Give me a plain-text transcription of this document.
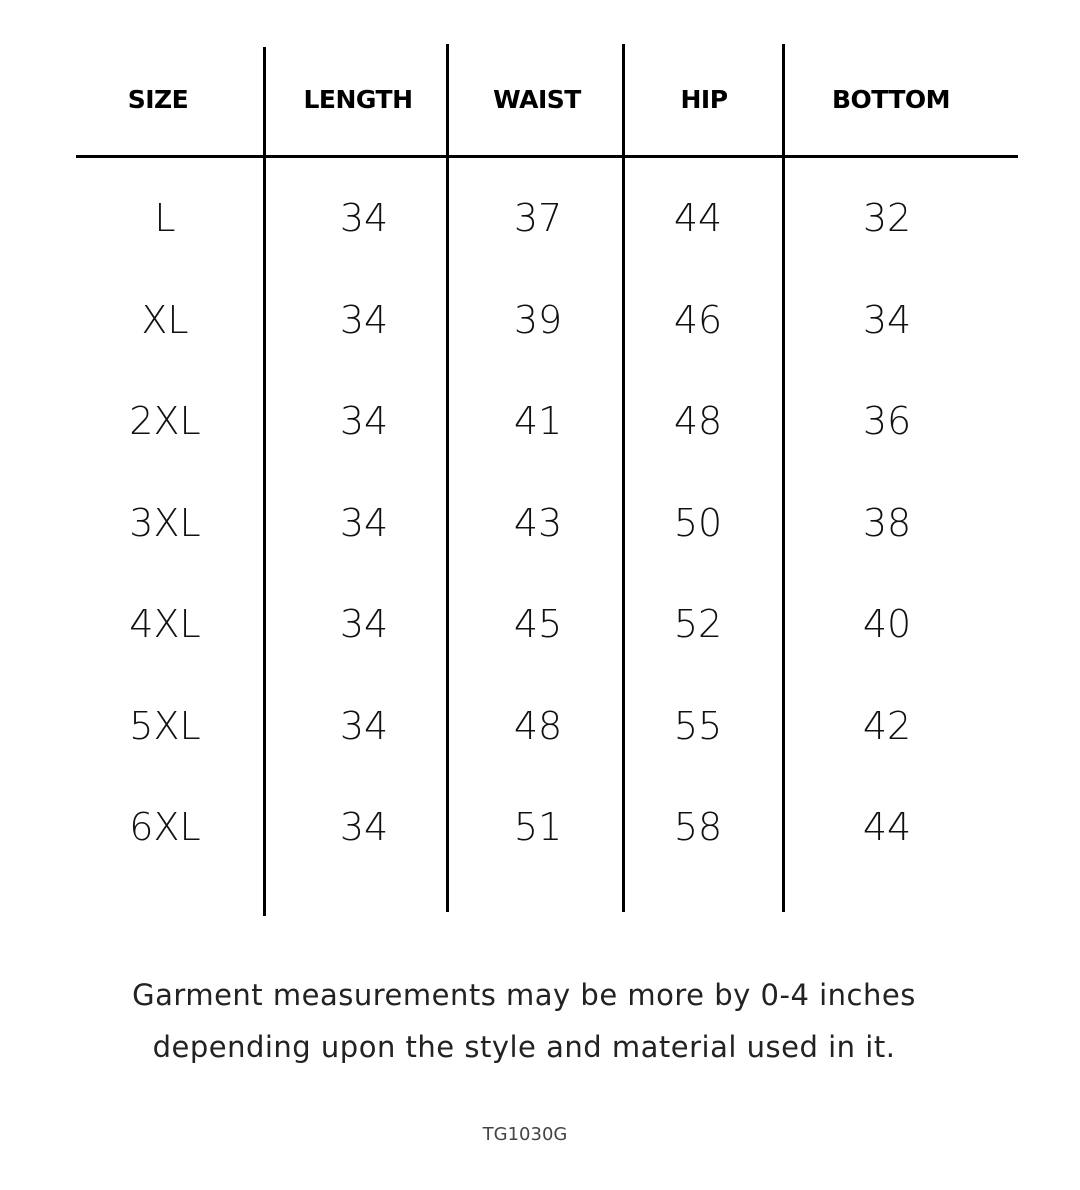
SIZE	LENGTH	WAIST	HIP	BOTTOM
L	34	37	44	32
XL	34	39	46	34
2XL	34	41	48	36
3XL	34	43	50	38
4XL	34	45	52	40
5XL	34	48	55	42
6XL	34	51	58	44
Garment measurements may be more by 0-4 inches
depending upon the style and material used in it.
TG1030G
